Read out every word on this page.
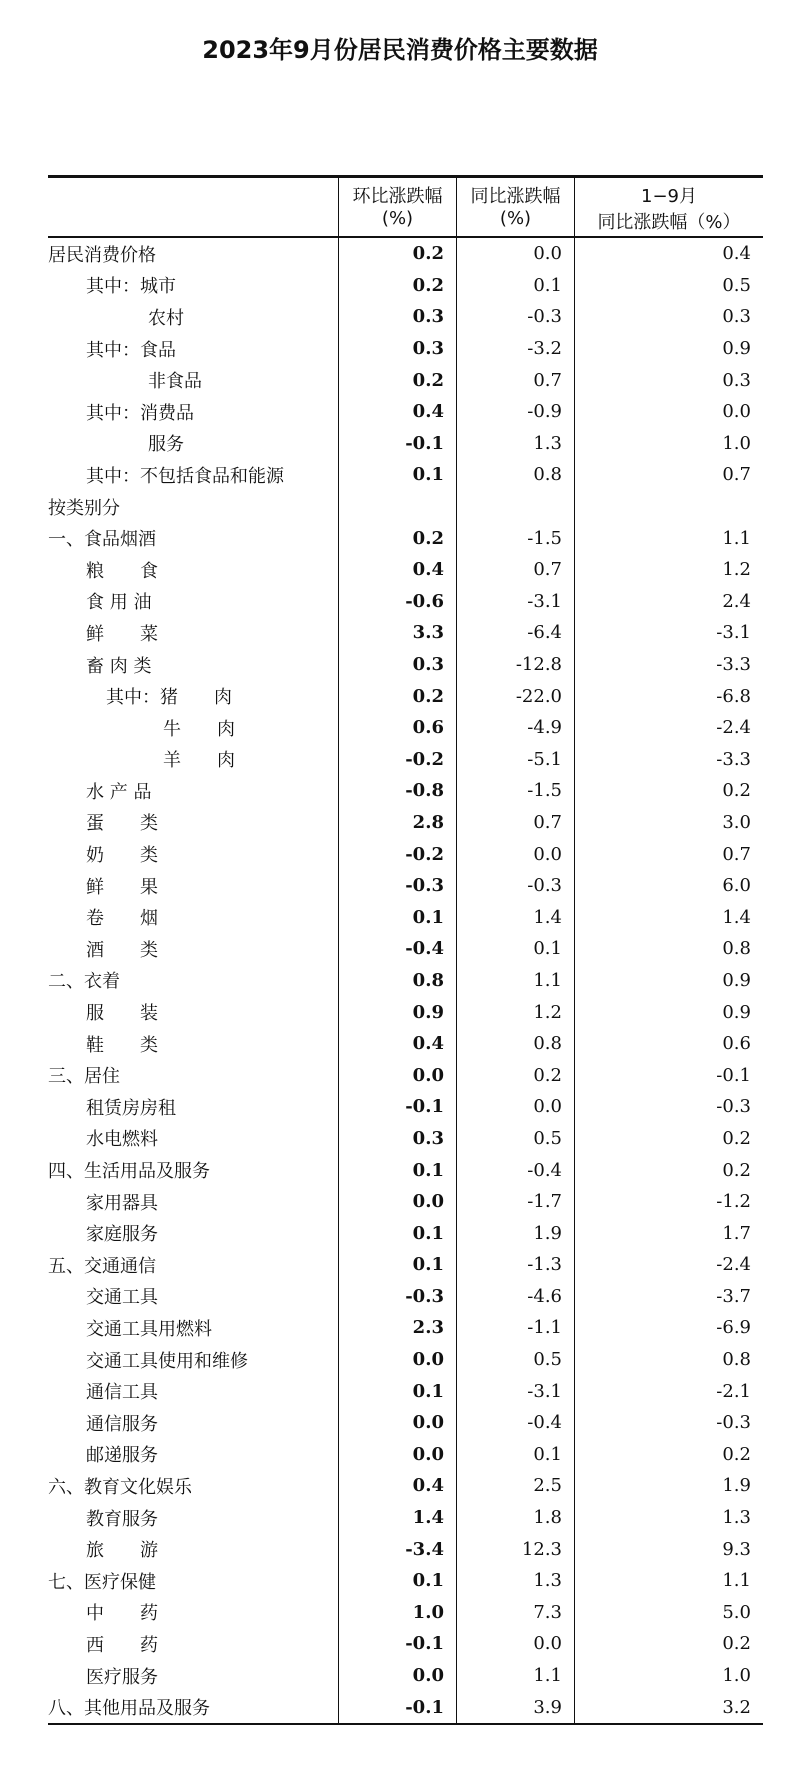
2023年9月份居民消费价格主要数据
	环比涨跌幅	同比涨跌幅	1−9月
	(%)	(%)	同比涨跌幅（%）
居民消费价格	0.2	0.0	0.4
其中：城市	0.2	0.1	0.5
农村	0.3	-0.3	0.3
其中：食品	0.3	-3.2	0.9
非食品	0.2	0.7	0.3
其中：消费品	0.4	-0.9	0.0
服务	-0.1	1.3	1.0
其中：不包括食品和能源	0.1	0.8	0.7
按类别分			
一、食品烟酒	0.2	-1.5	1.1
粮　　食	0.4	0.7	1.2
食 用 油	-0.6	-3.1	2.4
鲜　　菜	3.3	-6.4	-3.1
畜 肉 类	0.3	-12.8	-3.3
其中：猪　　肉	0.2	-22.0	-6.8
牛　　肉	0.6	-4.9	-2.4
羊　　肉	-0.2	-5.1	-3.3
水 产 品	-0.8	-1.5	0.2
蛋　　类	2.8	0.7	3.0
奶　　类	-0.2	0.0	0.7
鲜　　果	-0.3	-0.3	6.0
卷　　烟	0.1	1.4	1.4
酒　　类	-0.4	0.1	0.8
二、衣着	0.8	1.1	0.9
服　　装	0.9	1.2	0.9
鞋　　类	0.4	0.8	0.6
三、居住	0.0	0.2	-0.1
租赁房房租	-0.1	0.0	-0.3
水电燃料	0.3	0.5	0.2
四、生活用品及服务	0.1	-0.4	0.2
家用器具	0.0	-1.7	-1.2
家庭服务	0.1	1.9	1.7
五、交通通信	0.1	-1.3	-2.4
交通工具	-0.3	-4.6	-3.7
交通工具用燃料	2.3	-1.1	-6.9
交通工具使用和维修	0.0	0.5	0.8
通信工具	0.1	-3.1	-2.1
通信服务	0.0	-0.4	-0.3
邮递服务	0.0	0.1	0.2
六、教育文化娱乐	0.4	2.5	1.9
教育服务	1.4	1.8	1.3
旅　　游	-3.4	12.3	9.3
七、医疗保健	0.1	1.3	1.1
中　　药	1.0	7.3	5.0
西　　药	-0.1	0.0	0.2
医疗服务	0.0	1.1	1.0
八、其他用品及服务	-0.1	3.9	3.2
